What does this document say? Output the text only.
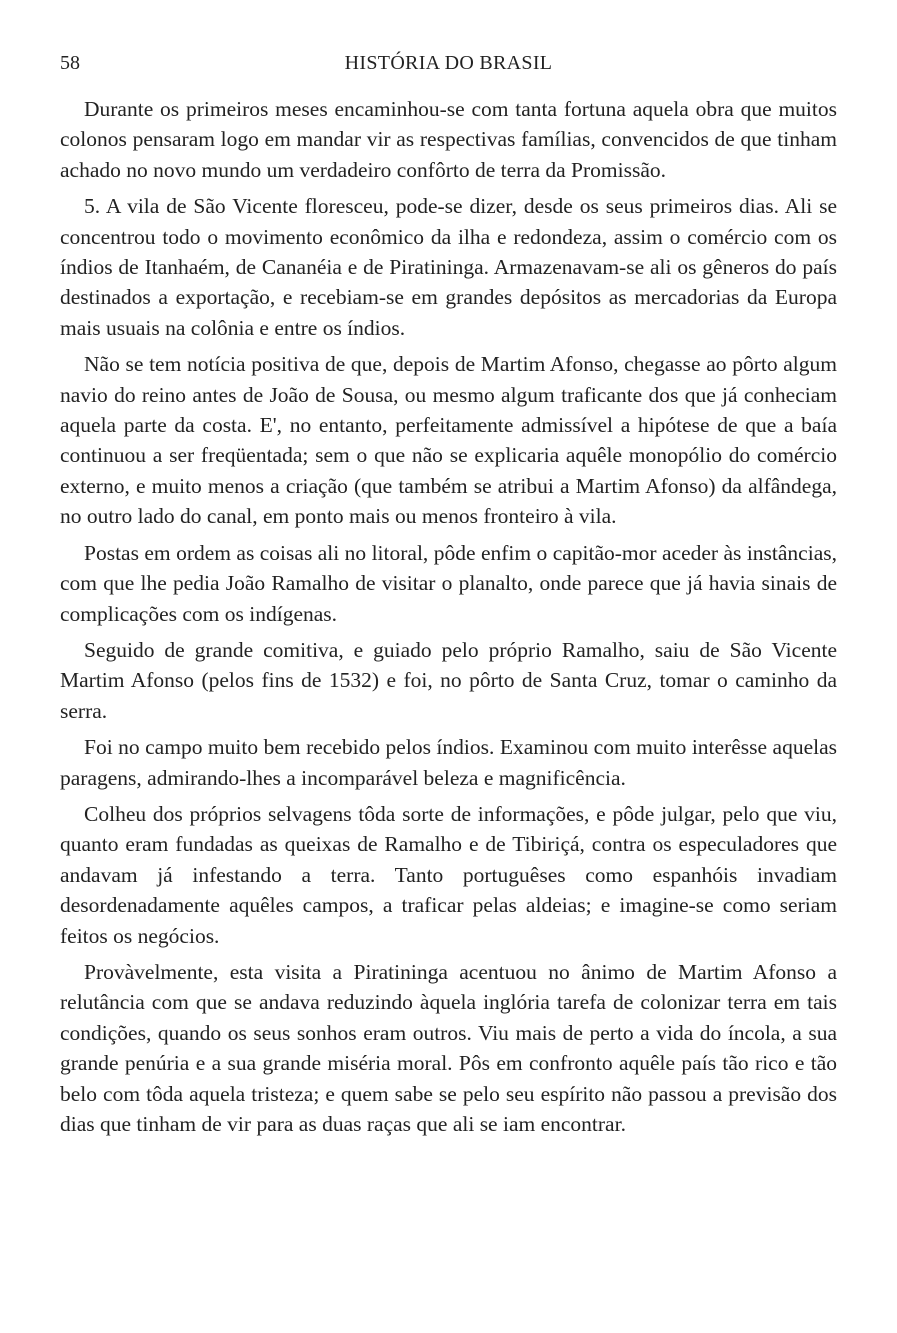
58	HISTÓRIA DO BRASIL

Durante os primeiros meses encaminhou-se com tanta fortuna aquela obra que muitos colonos pensaram logo em mandar vir as respectivas famílias, convencidos de que tinham achado no novo mundo um verdadeiro confôrto de terra da Promissão.

5. A vila de São Vicente floresceu, pode-se dizer, desde os seus primeiros dias. Ali se concentrou todo o movimento econômico da ilha e redondeza, assim o comércio com os índios de Itanhaém, de Cananéia e de Piratininga. Armazenavam-se ali os gêneros do país destinados a exportação, e recebiam-se em grandes depósitos as mercadorias da Europa mais usuais na colônia e entre os índios.

Não se tem notícia positiva de que, depois de Martim Afonso, chegasse ao pôrto algum navio do reino antes de João de Sousa, ou mesmo algum traficante dos que já conheciam aquela parte da costa. E', no entanto, perfeitamente admissível a hipótese de que a baía continuou a ser freqüentada; sem o que não se explicaria aquêle monopólio do comércio externo, e muito menos a criação (que também se atribui a Martim Afonso) da alfândega, no outro lado do canal, em ponto mais ou menos fronteiro à vila.

Postas em ordem as coisas ali no litoral, pôde enfim o capitão-mor aceder às instâncias, com que lhe pedia João Ramalho de visitar o planalto, onde parece que já havia sinais de complicações com os indígenas.

Seguido de grande comitiva, e guiado pelo próprio Ramalho, saiu de São Vicente Martim Afonso (pelos fins de 1532) e foi, no pôrto de Santa Cruz, tomar o caminho da serra.

Foi no campo muito bem recebido pelos índios. Examinou com muito interêsse aquelas paragens, admirando-lhes a incomparável beleza e magnificência.

Colheu dos próprios selvagens tôda sorte de informações, e pôde julgar, pelo que viu, quanto eram fundadas as queixas de Ramalho e de Tibiriçá, contra os especuladores que andavam já infestando a terra. Tanto portuguêses como espanhóis invadiam desordenadamente aquêles campos, a traficar pelas aldeias; e imagine-se como seriam feitos os negócios.

Provàvelmente, esta visita a Piratininga acentuou no ânimo de Martim Afonso a relutância com que se andava reduzindo àquela inglória tarefa de colonizar terra em tais condições, quando os seus sonhos eram outros. Viu mais de perto a vida do íncola, a sua grande penúria e a sua grande miséria moral. Pôs em confronto aquêle país tão rico e tão belo com tôda aquela tristeza; e quem sabe se pelo seu espírito não passou a previsão dos dias que tinham de vir para as duas raças que ali se iam encontrar.
